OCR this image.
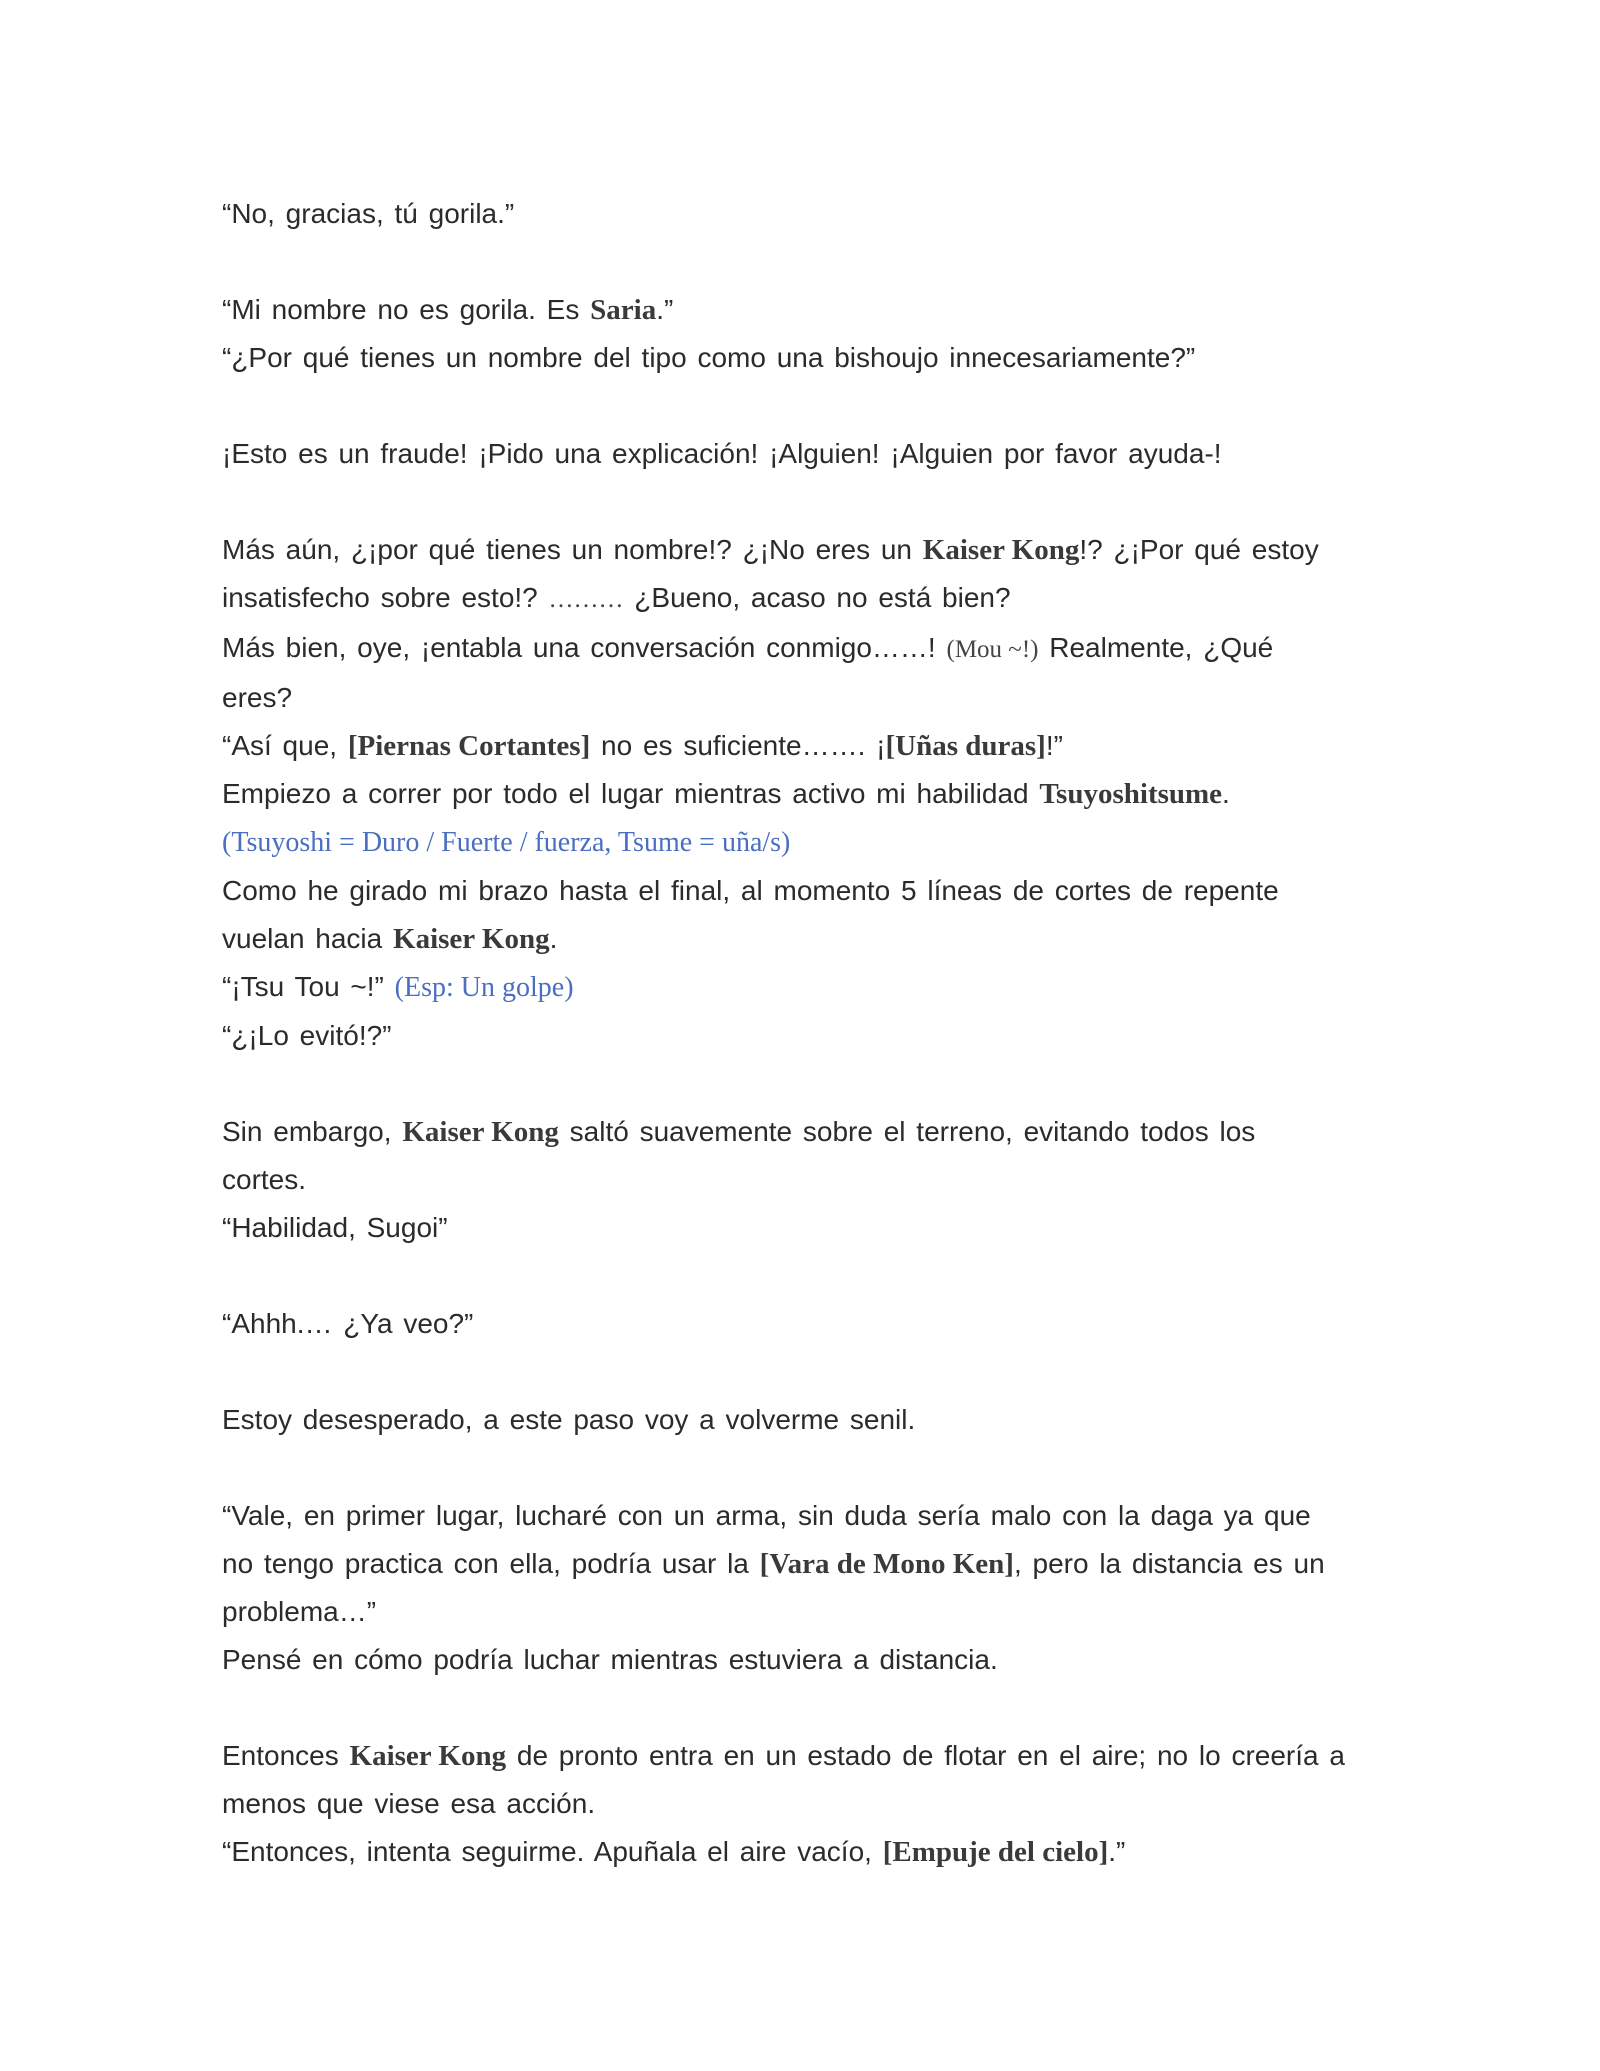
“No, gracias, tú gorila.”
“Mi nombre no es gorila. Es Saria.”
“¿Por qué tienes un nombre del tipo como una bishoujo innecesariamente?”
¡Esto es un fraude! ¡Pido una explicación! ¡Alguien! ¡Alguien por favor ayuda-!
Más aún, ¿¡por qué tienes un nombre!? ¿¡No eres un Kaiser Kong!? ¿¡Por qué estoy
insatisfecho sobre esto!? ……… ¿Bueno, acaso no está bien?
Más bien, oye, ¡entabla una conversación conmigo……! (Mou ~!) Realmente, ¿Qué
eres?
“Así que, [Piernas Cortantes] no es suficiente……. ¡[Uñas duras]!”
Empiezo a correr por todo el lugar mientras activo mi habilidad Tsuyoshitsume.
(Tsuyoshi = Duro / Fuerte / fuerza, Tsume = uña/s)
Como he girado mi brazo hasta el final, al momento 5 líneas de cortes de repente
vuelan hacia Kaiser Kong.
“¡Tsu Tou ~!” (Esp: Un golpe)
“¿¡Lo evitó!?”
Sin embargo, Kaiser Kong saltó suavemente sobre el terreno, evitando todos los
cortes.
“Habilidad, Sugoi”
“Ahhh.… ¿Ya veo?”
Estoy desesperado, a este paso voy a volverme senil.
“Vale, en primer lugar, lucharé con un arma, sin duda sería malo con la daga ya que
no tengo practica con ella, podría usar la [Vara de Mono Ken], pero la distancia es un
problema…”
Pensé en cómo podría luchar mientras estuviera a distancia.
Entonces Kaiser Kong de pronto entra en un estado de flotar en el aire; no lo creería a
menos que viese esa acción.
“Entonces, intenta seguirme. Apuñala el aire vacío, [Empuje del cielo].”
